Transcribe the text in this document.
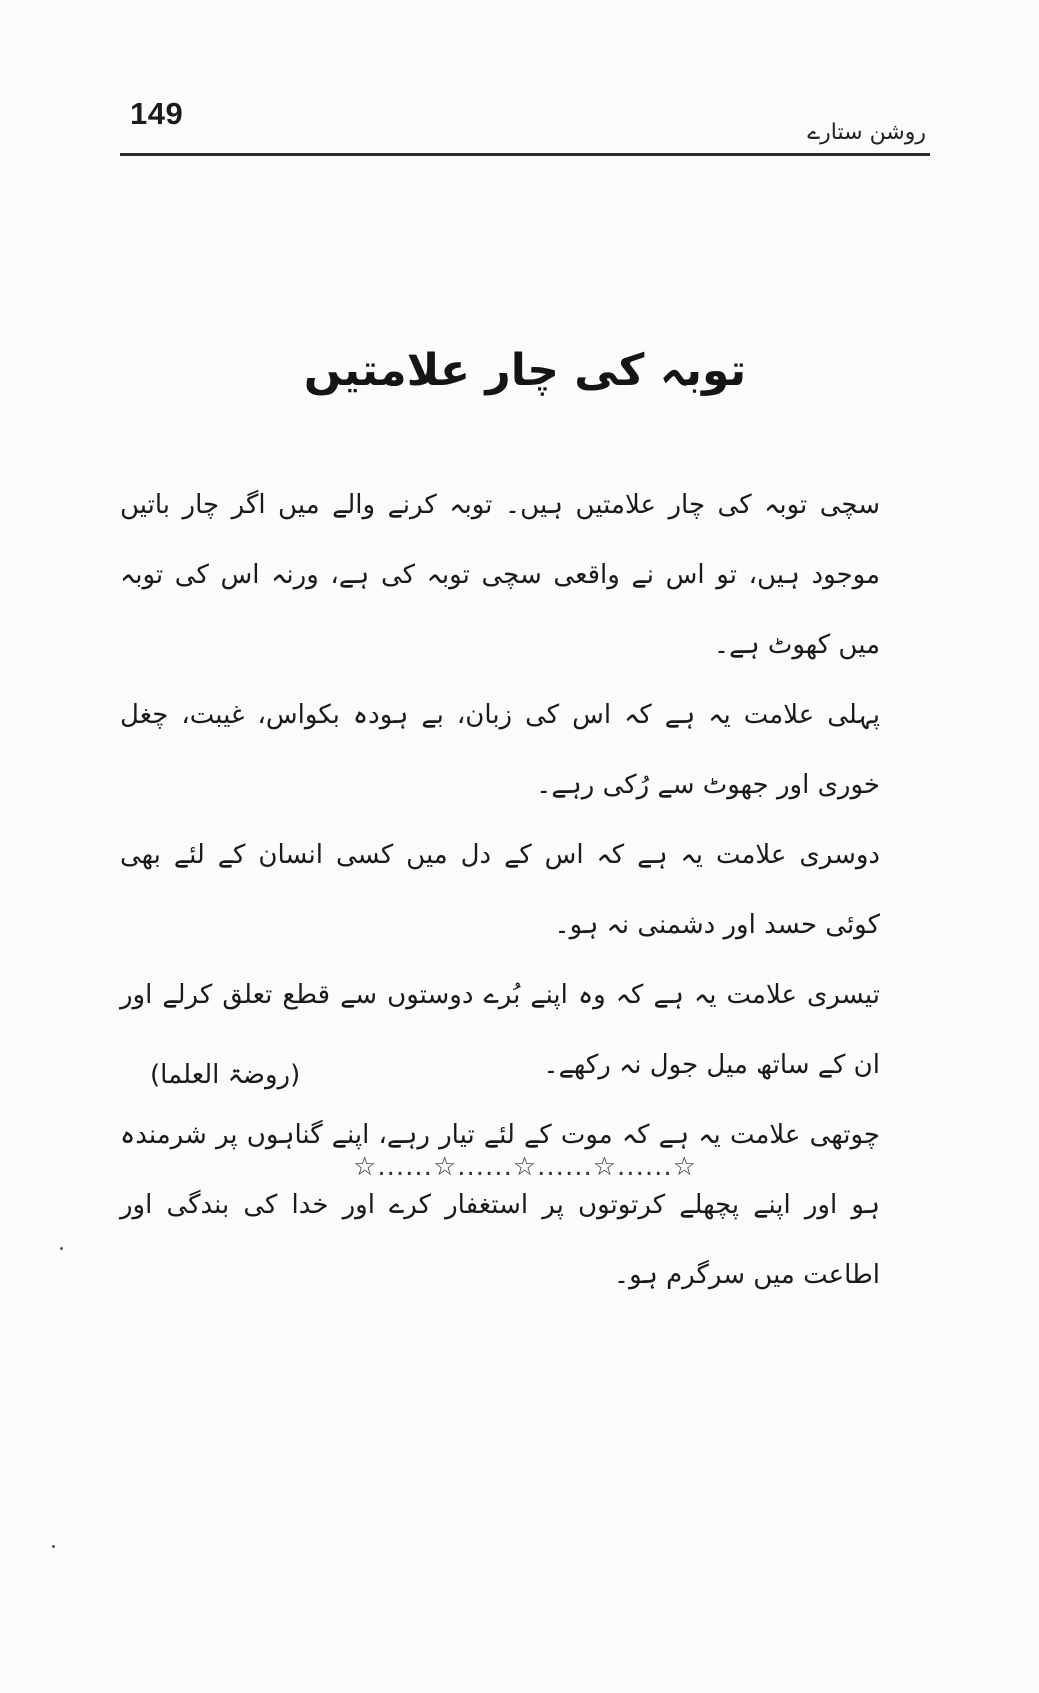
149
روشن ستارے
توبہ کی چار علامتیں

سچی توبہ کی چار علامتیں ہیں۔ توبہ کرنے والے میں اگر چار باتیں موجود ہیں، تو اس نے واقعی سچی توبہ کی ہے، ورنہ اس کی توبہ میں کھوٹ ہے۔

پہلی علامت یہ ہے کہ اس کی زبان، بے ہودہ بکواس، غیبت، چغل خوری اور جھوٹ سے رُکی رہے۔

دوسری علامت یہ ہے کہ اس کے دل میں کسی انسان کے لئے بھی کوئی حسد اور دشمنی نہ ہو۔

تیسری علامت یہ ہے کہ وہ اپنے بُرے دوستوں سے قطع تعلق کرلے اور ان کے ساتھ میل جول نہ رکھے۔

چوتھی علامت یہ ہے کہ موت کے لئے تیار رہے، اپنے گناہوں پر شرمندہ ہو اور اپنے پچھلے کرتوتوں پر استغفار کرے اور خدا کی بندگی اور اطاعت میں سرگرم ہو۔

(روضۃ العلما)
☆......☆......☆......☆......☆
